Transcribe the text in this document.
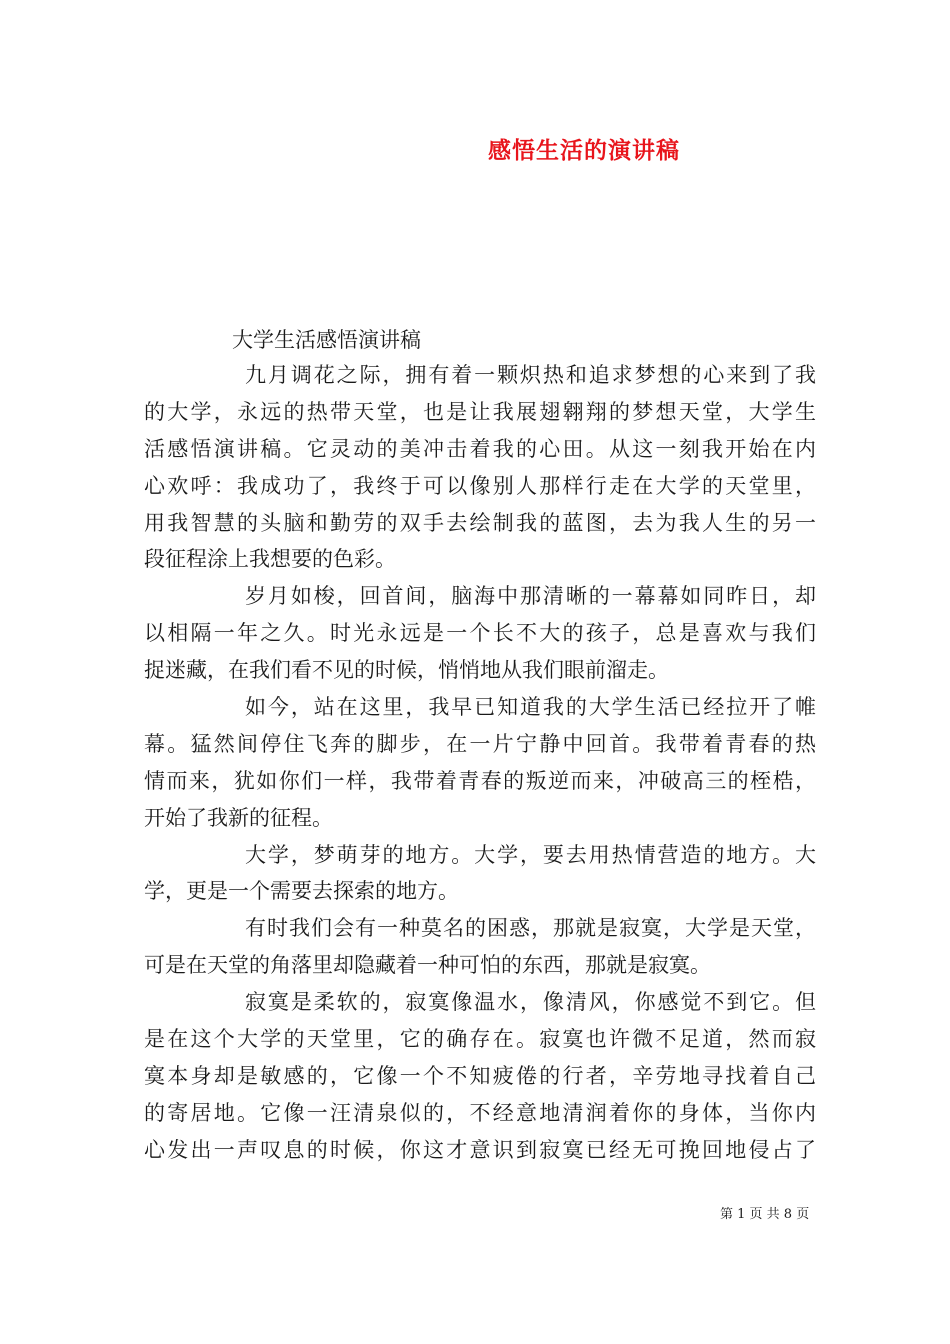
感悟生活的演讲稿
大学生活感悟演讲稿
九月调花之际，拥有着一颗炽热和追求梦想的心来到了我
的大学，永远的热带天堂，也是让我展翅翱翔的梦想天堂，大学生
活感悟演讲稿。它灵动的美冲击着我的心田。从这一刻我开始在内
心欢呼：我成功了，我终于可以像别人那样行走在大学的天堂里，
用我智慧的头脑和勤劳的双手去绘制我的蓝图，去为我人生的另一
段征程涂上我想要的色彩。
岁月如梭，回首间，脑海中那清晰的一幕幕如同昨日，却
以相隔一年之久。时光永远是一个长不大的孩子，总是喜欢与我们
捉迷藏，在我们看不见的时候，悄悄地从我们眼前溜走。
如今，站在这里，我早已知道我的大学生活已经拉开了帷
幕。猛然间停住飞奔的脚步，在一片宁静中回首。我带着青春的热
情而来，犹如你们一样，我带着青春的叛逆而来，冲破高三的桎梏，
开始了我新的征程。
大学，梦萌芽的地方。大学，要去用热情营造的地方。大
学，更是一个需要去探索的地方。
有时我们会有一种莫名的困惑，那就是寂寞，大学是天堂，
可是在天堂的角落里却隐藏着一种可怕的东西，那就是寂寞。
寂寞是柔软的，寂寞像温水，像清风，你感觉不到它。但
是在这个大学的天堂里，它的确存在。寂寞也许微不足道，然而寂
寞本身却是敏感的，它像一个不知疲倦的行者，辛劳地寻找着自己
的寄居地。它像一汪清泉似的，不经意地清润着你的身体，当你内
心发出一声叹息的时候，你这才意识到寂寞已经无可挽回地侵占了
第 1 页 共 8 页
